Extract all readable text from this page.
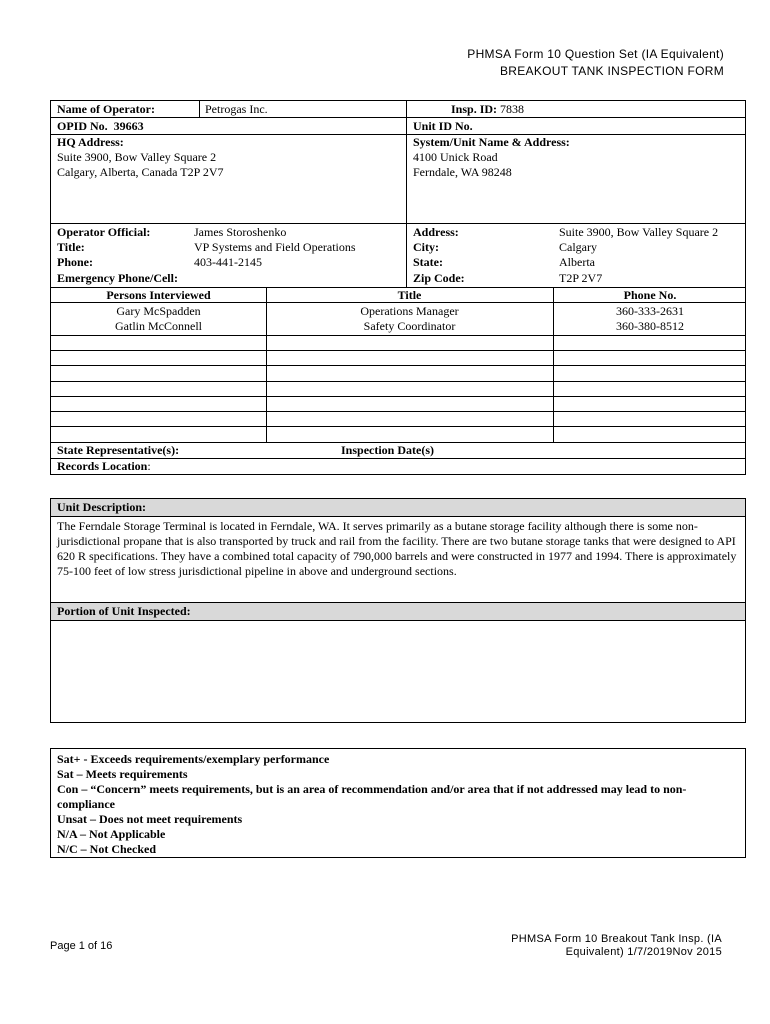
PHMSA Form 10 Question Set (IA Equivalent)
BREAKOUT TANK INSPECTION FORM
Name of Operator:	Petrogas Inc.	Insp. ID: 7838
OPID No. 39663	Unit ID No.
HQ Address:
Suite 3900, Bow Valley Square 2
Calgary, Alberta, Canada T2P 2V7
System/Unit Name & Address:
4100 Unick Road
Ferndale, WA 98248
Operator Official:	James Storoshenko
Title:	VP Systems and Field Operations
Phone:	403-441-2145
Emergency Phone/Cell:
Address:	Suite 3900, Bow Valley Square 2
City:	Calgary
State:	Alberta
Zip Code:	T2P 2V7
Persons Interviewed	Title	Phone No.
Gary McSpadden	Operations Manager	360-333-2631
Gatlin McConnell	Safety Coordinator	360-380-8512
State Representative(s):	Inspection Date(s)
Records Location:
Unit Description:
The Ferndale Storage Terminal is located in Ferndale, WA. It serves primarily as a butane storage facility although there is some non-jurisdictional propane that is also transported by truck and rail from the facility. There are two butane storage tanks that were designed to API 620 R specifications. They have a combined total capacity of 790,000 barrels and were constructed in 1977 and 1994. There is approximately 75-100 feet of low stress jurisdictional pipeline in above and underground sections.
Portion of Unit Inspected:
Sat+ - Exceeds requirements/exemplary performance
Sat – Meets requirements
Con – “Concern” meets requirements, but is an area of recommendation and/or area that if not addressed may lead to non-compliance
Unsat – Does not meet requirements
N/A – Not Applicable
N/C – Not Checked
Page 1 of 16
PHMSA Form 10 Breakout Tank Insp. (IA
Equivalent) 1/7/2019Nov 2015
